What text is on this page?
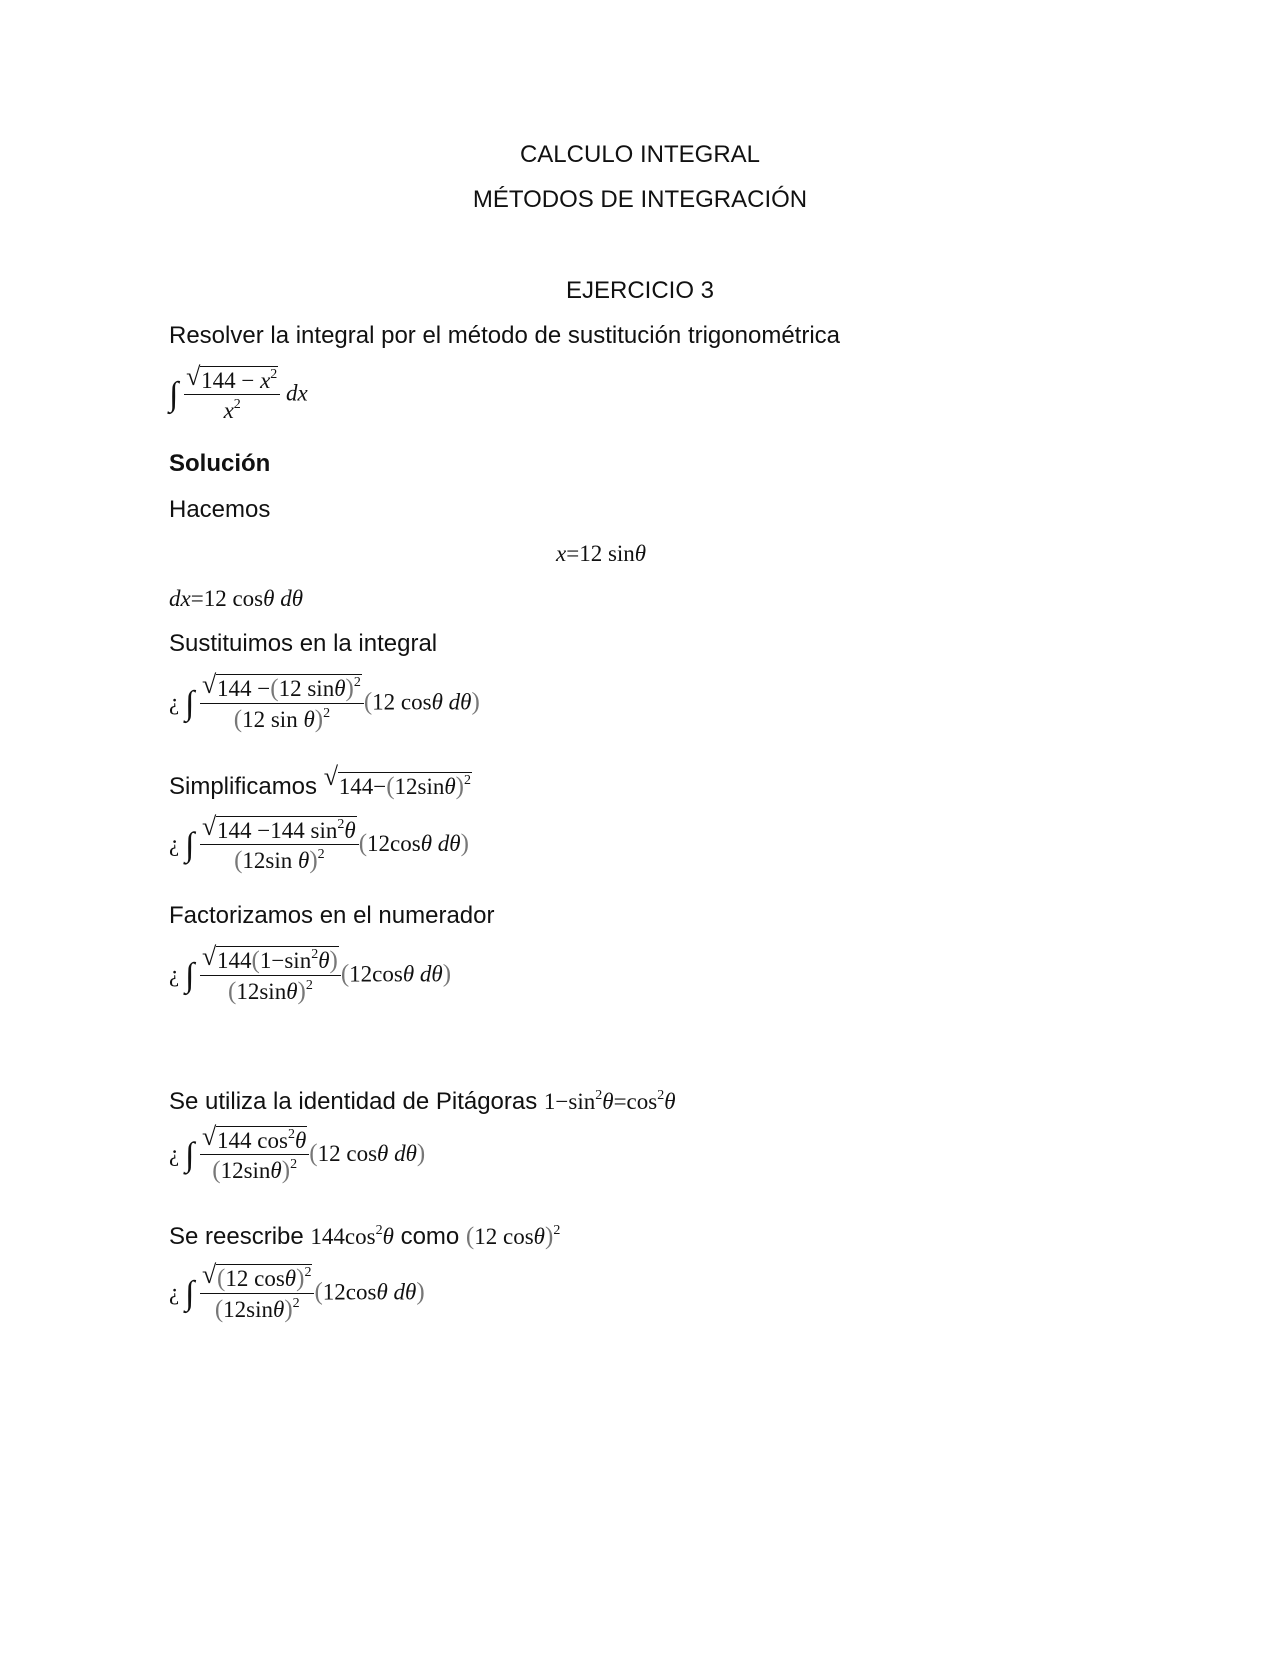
CALCULO INTEGRAL
MÉTODOS DE INTEGRACIÓN
EJERCICIO 3
Resolver la integral por el método de sustitución trigonométrica
∫ $\frac{√ 144 - x^2}{x^2}$ dx
Solución
Hacemos
x=12 sinθ
dx=12 cosθ dθ
Sustituimos en la integral
¿ ∫ $\frac{√ 144 -(12 \sin\theta)^2}{(12 \sin \theta)^2} (12$ cosθ dθ)
Simplificamos √ $144-(12\sin\theta)^2$
¿ ∫ $\frac{√ 144 -144 \sin^2\theta}{(12\sin \theta)^2} (12\cos\theta$ dθ)
Factorizamos en el numerador
¿ ∫ $\frac{√ 144(1-\sin^2\theta)}{(12\sin\theta)^2} (12\cos\theta$ dθ)
Se utiliza la identidad de Pitágoras $1-\sin^2\theta=\cos^2\theta$
¿ ∫ $\frac{√ 144 \cos^2\theta}{(12\sin\theta)^2} (12$ cosθ dθ)
Se reescribe $144\cos^2\theta$ como (12 cosθ)$^2$
¿ ∫ $\frac{√ (12 \cos\theta)^2}{(12\sin\theta)^2} (12\cos\theta$ dθ)
